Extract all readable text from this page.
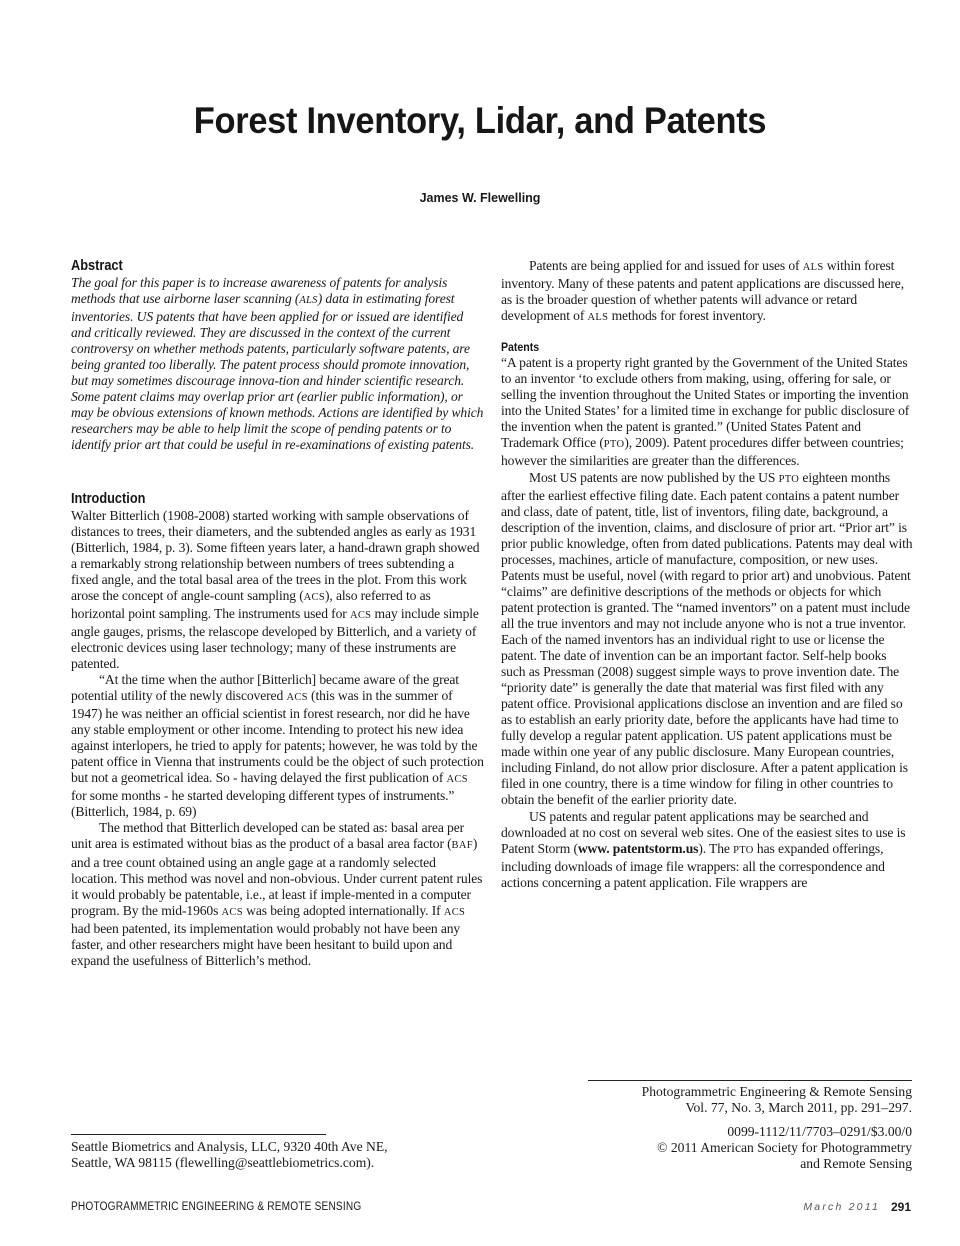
Forest Inventory, Lidar, and Patents
James W. Flewelling
Abstract

The goal for this paper is to increase awareness of patents for analysis methods that use airborne laser scanning (ALS) data in estimating forest inventories. US patents that have been applied for or issued are identified and critically reviewed. They are discussed in the context of the current controversy on whether methods patents, particularly software patents, are being granted too liberally. The patent process should promote innovation, but may sometimes discourage innova-tion and hinder scientific research. Some patent claims may overlap prior art (earlier public information), or may be obvious extensions of known methods. Actions are identified by which researchers may be able to help limit the scope of pending patents or to identify prior art that could be useful in re-examinations of existing patents.

Introduction

Walter Bitterlich (1908-2008) started working with sample observations of distances to trees, their diameters, and the subtended angles as early as 1931 (Bitterlich, 1984, p. 3). Some fifteen years later, a hand-drawn graph showed a remarkably strong relationship between numbers of trees subtending a fixed angle, and the total basal area of the trees in the plot. From this work arose the concept of angle-count sampling (ACS), also referred to as horizontal point sampling. The instruments used for ACS may include simple angle gauges, prisms, the relascope developed by Bitterlich, and a variety of electronic devices using laser technology; many of these instruments are patented.

“At the time when the author [Bitterlich] became aware of the great potential utility of the newly discovered ACS (this was in the summer of 1947) he was neither an official scientist in forest research, nor did he have any stable employment or other income. Intending to protect his new idea against interlopers, he tried to apply for patents; however, he was told by the patent office in Vienna that instruments could be the object of such protection but not a geometrical idea. So - having delayed the first publication of ACS for some months - he started developing different types of instruments.” (Bitterlich, 1984, p. 69)

The method that Bitterlich developed can be stated as: basal area per unit area is estimated without bias as the product of a basal area factor (BAF) and a tree count obtained using an angle gage at a randomly selected location. This method was novel and non-obvious. Under current patent rules it would probably be patentable, i.e., at least if imple-mented in a computer program. By the mid-1960s ACS was being adopted internationally. If ACS had been patented, its implementation would probably not have been any faster, and other researchers might have been hesitant to build upon and expand the usefulness of Bitterlich’s method.

Patents are being applied for and issued for uses of ALS within forest inventory. Many of these patents and patent applications are discussed here, as is the broader question of whether patents will advance or retard development of ALS methods for forest inventory.

Patents

“A patent is a property right granted by the Government of the United States to an inventor ‘to exclude others from making, using, offering for sale, or selling the invention throughout the United States or importing the invention into the United States’ for a limited time in exchange for public disclosure of the invention when the patent is granted.” (United States Patent and Trademark Office (PTO), 2009). Patent procedures differ between countries; however the similarities are greater than the differences.

Most US patents are now published by the US PTO eighteen months after the earliest effective filing date. Each patent contains a patent number and class, date of patent, title, list of inventors, filing date, background, a description of the invention, claims, and disclosure of prior art. “Prior art” is prior public knowledge, often from dated publications. Patents may deal with processes, machines, article of manufacture, composition, or new uses. Patents must be useful, novel (with regard to prior art) and unobvious. Patent “claims” are definitive descriptions of the methods or objects for which patent protection is granted. The “named inventors” on a patent must include all the true inventors and may not include anyone who is not a true inventor. Each of the named inventors has an individual right to use or license the patent. The date of invention can be an important factor. Self-help books such as Pressman (2008) suggest simple ways to prove invention date. The “priority date” is generally the date that material was first filed with any patent office. Provisional applications disclose an invention and are filed so as to establish an early priority date, before the applicants have had time to fully develop a regular patent application. US patent applications must be made within one year of any public disclosure. Many European countries, including Finland, do not allow prior disclosure. After a patent application is filed in one country, there is a time window for filing in other countries to obtain the benefit of the earlier priority date.

US patents and regular patent applications may be searched and downloaded at no cost on several web sites. One of the easiest sites to use is Patent Storm (www. patentstorm.us). The PTO has expanded offerings, including downloads of image file wrappers: all the correspondence and actions concerning a patent application. File wrappers are

Seattle Biometrics and Analysis, LLC, 9320 40th Ave NE,
Seattle, WA 98115 (flewelling@seattlebiometrics.com).

Photogrammetric Engineering & Remote Sensing
Vol. 77, No. 3, March 2011, pp. 291–297.

0099-1112/11/7703–0291/$3.00/0
© 2011 American Society for Photogrammetry
and Remote Sensing

PHOTOGRAMMETRIC ENGINEERING & REMOTE SENSING	March 2011 291
